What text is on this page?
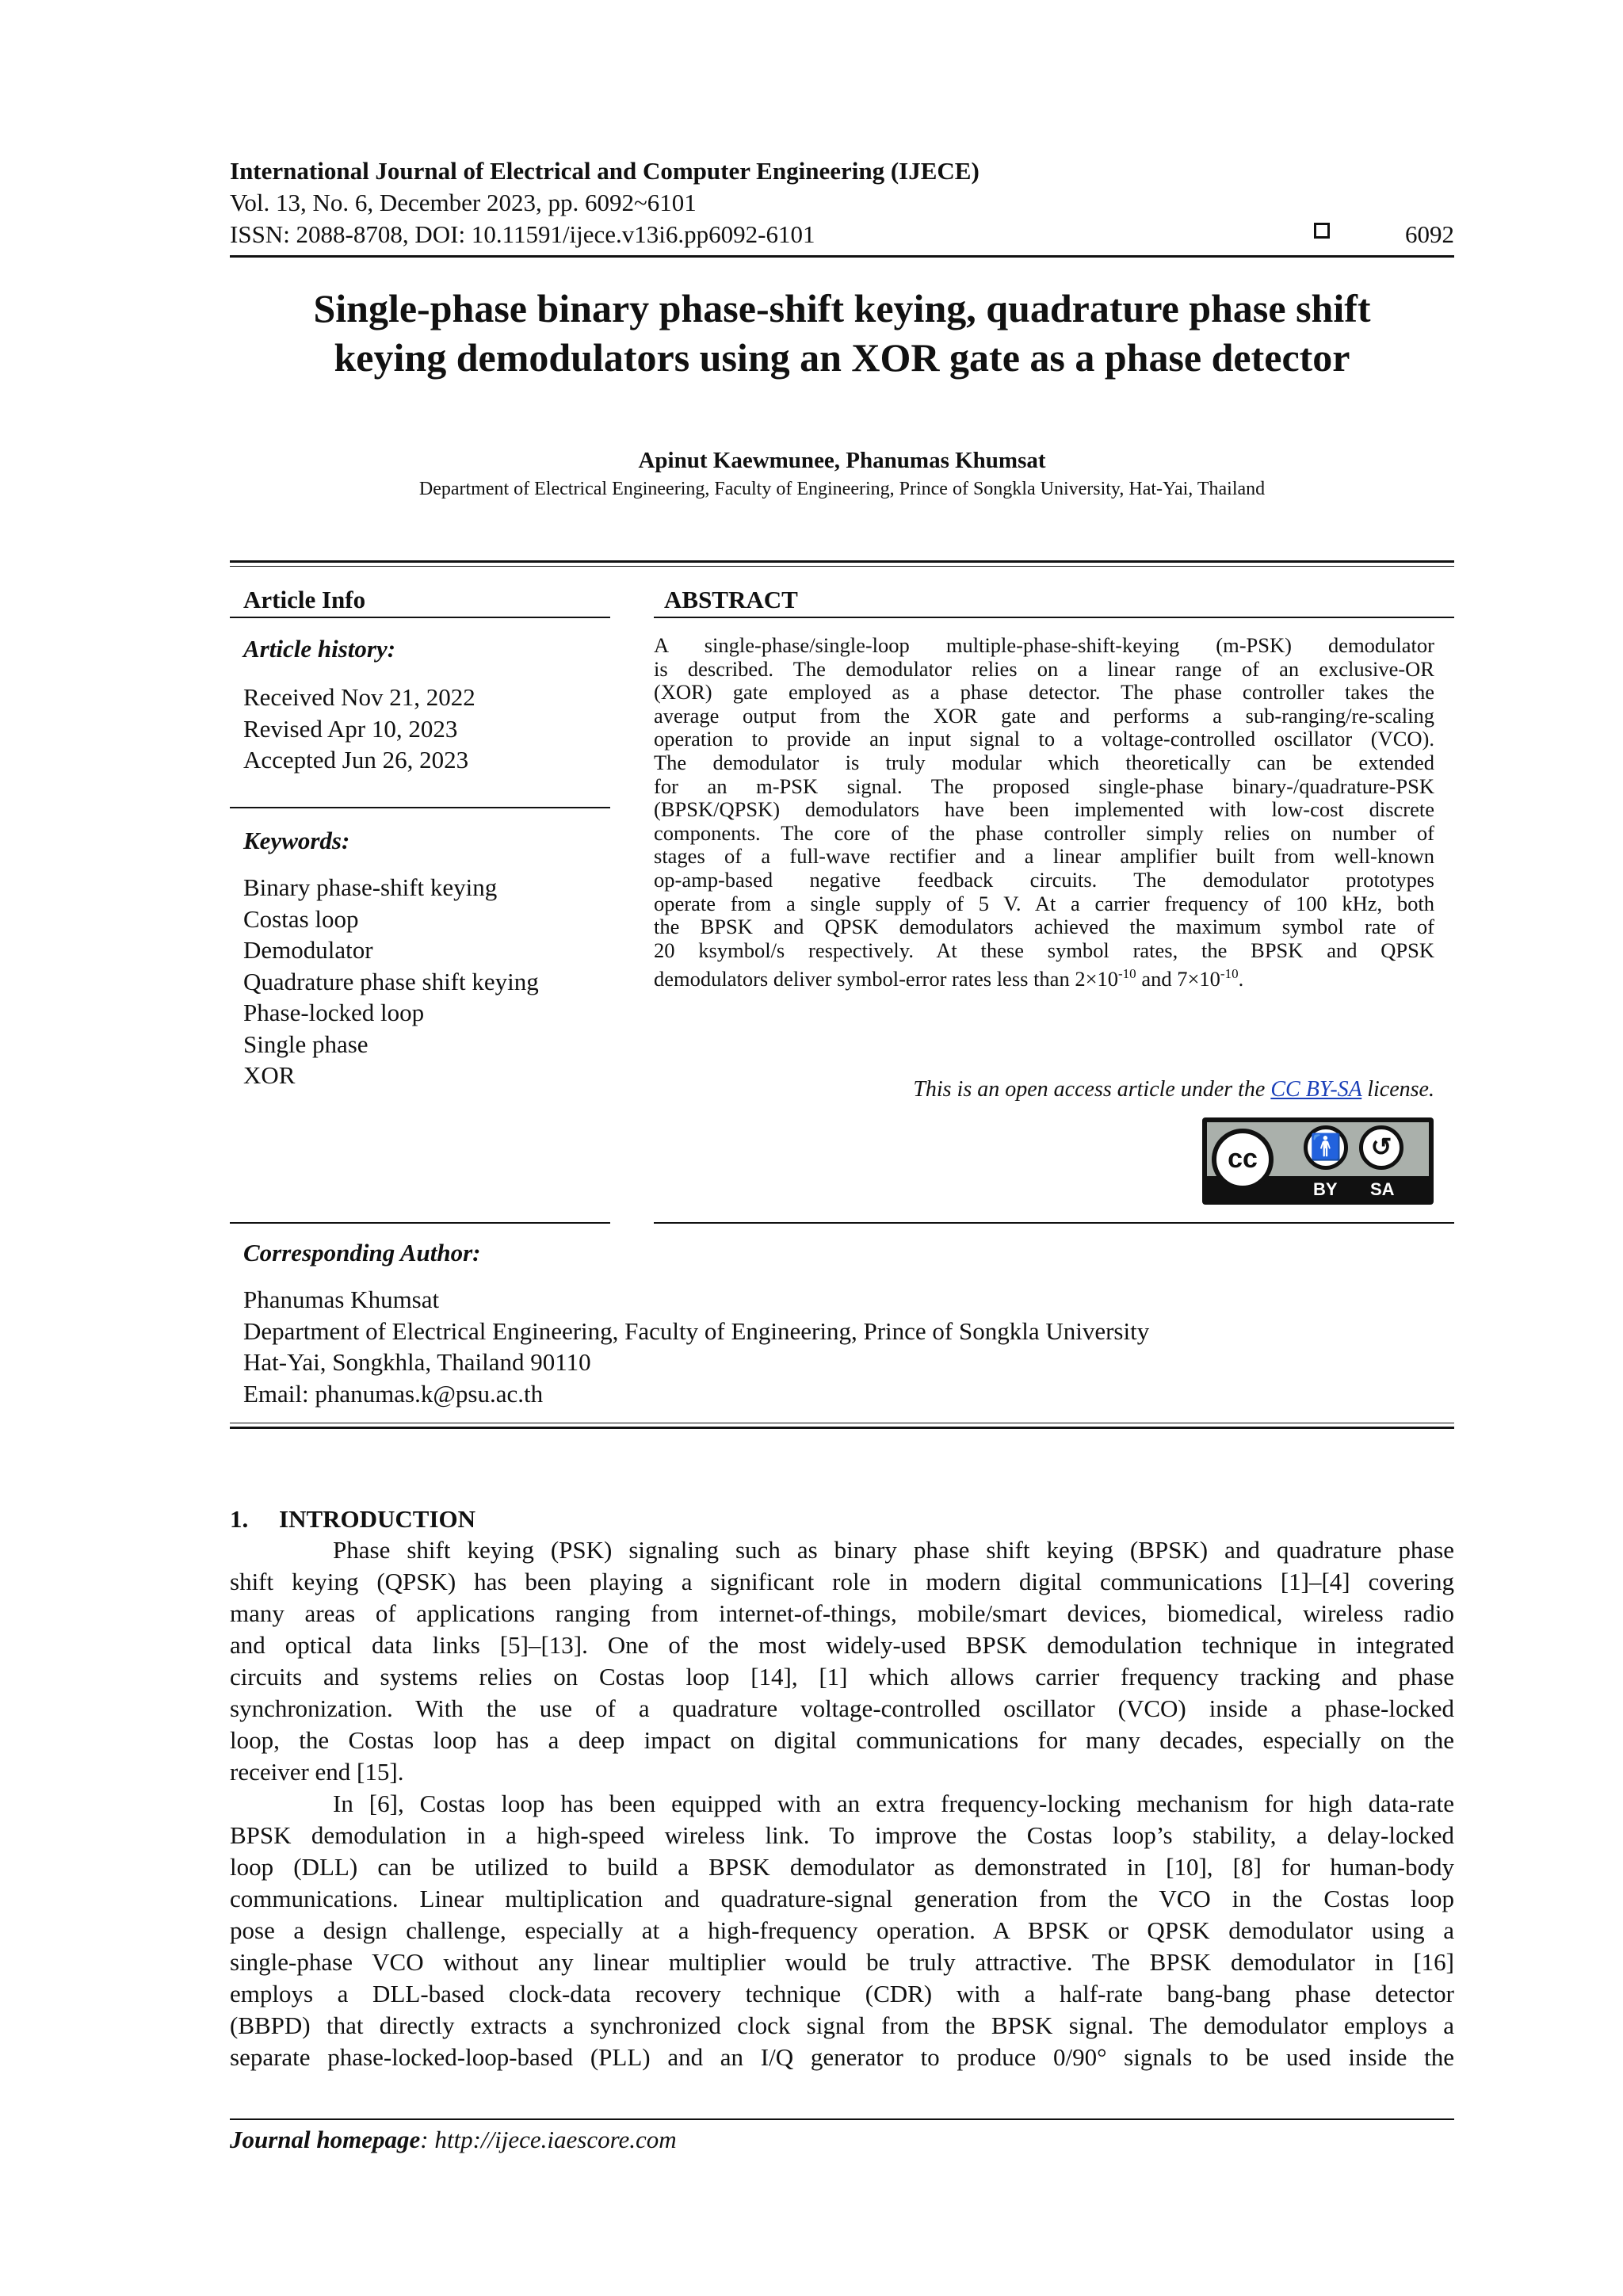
International Journal of Electrical and Computer Engineering (IJECE)
Vol. 13, No. 6, December 2023, pp. 6092~6101
ISSN: 2088-8708, DOI: 10.11591/ijece.v13i6.pp6092-6101	6092
Single-phase binary phase-shift keying, quadrature phase shift
keying demodulators using an XOR gate as a phase detector
Apinut Kaewmunee, Phanumas Khumsat
Department of Electrical Engineering, Faculty of Engineering, Prince of Songkla University, Hat-Yai, Thailand
Article Info
Article history:
Received Nov 21, 2022
Revised Apr 10, 2023
Accepted Jun 26, 2023
Keywords:
Binary phase-shift keying
Costas loop
Demodulator
Quadrature phase shift keying
Phase-locked loop
Single phase
XOR
ABSTRACT
A single-phase/single-loop multiple-phase-shift-keying (m-PSK) demodulator
is described. The demodulator relies on a linear range of an exclusive-OR
(XOR) gate employed as a phase detector. The phase controller takes the
average output from the XOR gate and performs a sub-ranging/re-scaling
operation to provide an input signal to a voltage-controlled oscillator (VCO).
The demodulator is truly modular which theoretically can be extended
for an m-PSK signal. The proposed single-phase binary-/quadrature-PSK
(BPSK/QPSK) demodulators have been implemented with low-cost discrete
components. The core of the phase controller simply relies on number of
stages of a full-wave rectifier and a linear amplifier built from well-known
op-amp-based negative feedback circuits. The demodulator prototypes
operate from a single supply of 5 V. At a carrier frequency of 100 kHz, both
the BPSK and QPSK demodulators achieved the maximum symbol rate of
20 ksymbol/s respectively. At these symbol rates, the BPSK and QPSK
demodulators deliver symbol-error rates less than $2\times 10^{-10}$ and $7\times 10^{-10}$.
This is an open access article under the CC BY-SA license.
cc	🚹	↺
BY SA
Corresponding Author:
Phanumas Khumsat
Department of Electrical Engineering, Faculty of Engineering, Prince of Songkla University
Hat-Yai, Songkhla, Thailand 90110
Email: phanumas.k@psu.ac.th
1.     INTRODUCTION
Phase shift keying (PSK) signaling such as binary phase shift keying (BPSK) and quadrature phase
shift keying (QPSK) has been playing a significant role in modern digital communications [1]–[4] covering
many areas of applications ranging from internet-of-things, mobile/smart devices, biomedical, wireless radio
and optical data links [5]–[13]. One of the most widely-used BPSK demodulation technique in integrated
circuits and systems relies on Costas loop [14], [1] which allows carrier frequency tracking and phase
synchronization. With the use of a quadrature voltage-controlled oscillator (VCO) inside a phase-locked
loop, the Costas loop has a deep impact on digital communications for many decades, especially on the
receiver end [15].
In [6], Costas loop has been equipped with an extra frequency-locking mechanism for high data-rate
BPSK demodulation in a high-speed wireless link. To improve the Costas loop’s stability, a delay-locked
loop (DLL) can be utilized to build a BPSK demodulator as demonstrated in [10], [8] for human-body
communications. Linear multiplication and quadrature-signal generation from the VCO in the Costas loop
pose a design challenge, especially at a high-frequency operation. A BPSK or QPSK demodulator using a
single-phase VCO without any linear multiplier would be truly attractive. The BPSK demodulator in [16]
employs a DLL-based clock-data recovery technique (CDR) with a half-rate bang-bang phase detector
(BBPD) that directly extracts a synchronized clock signal from the BPSK signal. The demodulator employs a
separate phase-locked-loop-based (PLL) and an I/Q generator to produce 0/90° signals to be used inside the
Journal homepage: http://ijece.iaescore.com
